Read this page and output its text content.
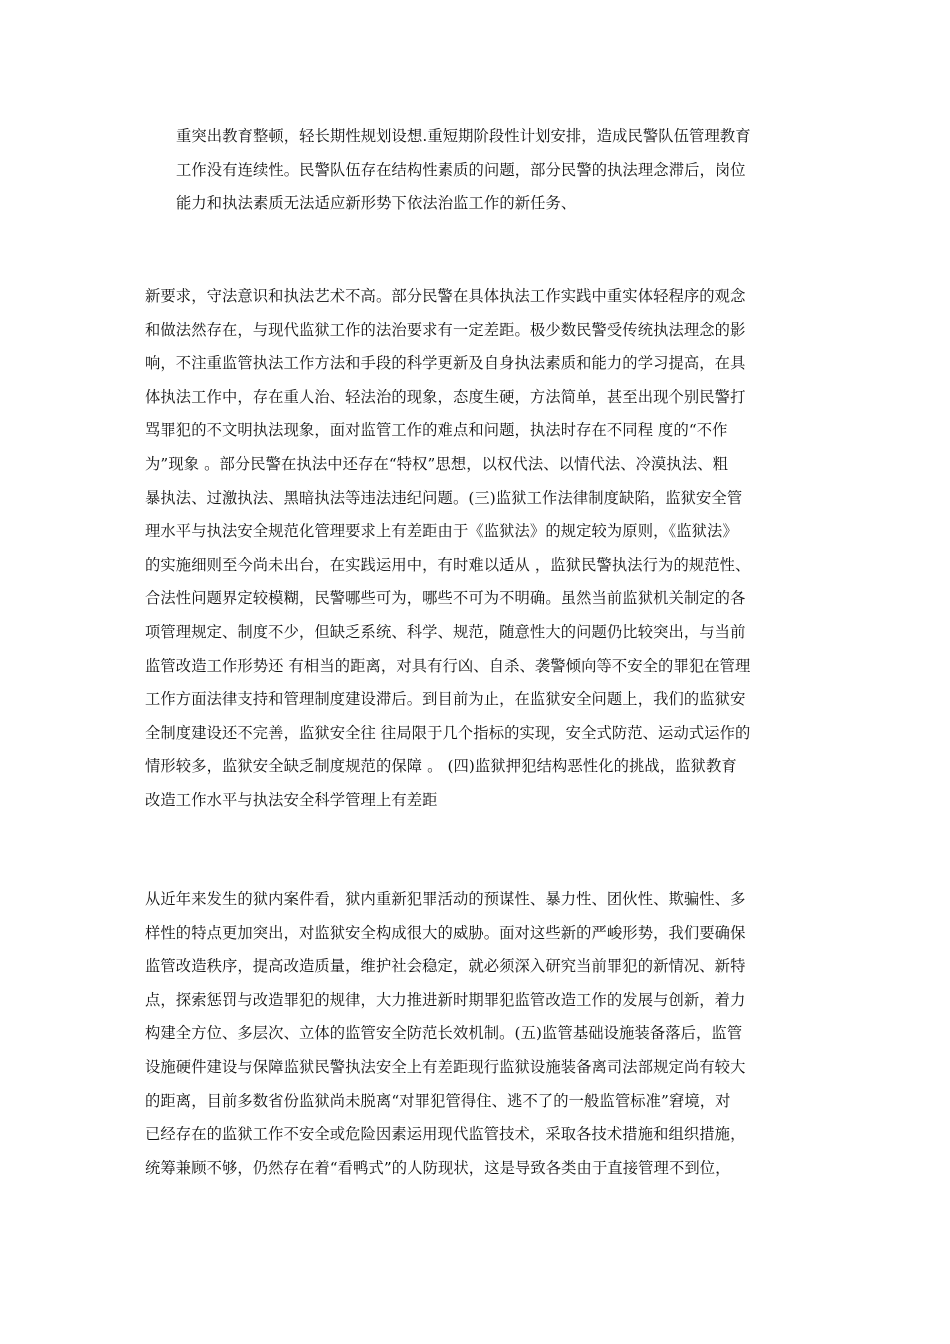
重突出教育整顿，轻长期性规划设想.重短期阶段性计划安排，造成民警队伍管理教育
工作没有连续性。民警队伍存在结构性素质的问题，部分民警的执法理念滞后，岗位
能力和执法素质无法适应新形势下依法治监工作的新任务、

新要求，守法意识和执法艺术不高。部分民警在具体执法工作实践中重实体轻程序的观念
和做法然存在，与现代监狱工作的法治要求有一定差距。极少数民警受传统执法理念的影
响，不注重监管执法工作方法和手段的科学更新及自身执法素质和能力的学习提高，在具
体执法工作中，存在重人治、轻法治的现象，态度生硬，方法简单，甚至出现个别民警打
骂罪犯的不文明执法现象，面对监管工作的难点和问题，执法时存在不同程 度的“不作
为”现象 。部分民警在执法中还存在“特权”思想，以权代法、以情代法、冷漠执法、粗
暴执法、过激执法、黑暗执法等违法违纪问题。(三)监狱工作法律制度缺陷，监狱安全管
理水平与执法安全规范化管理要求上有差距由于《监狱法》的规定较为原则，《监狱法》
的实施细则至今尚未出台，在实践运用中，有时难以适从 ，监狱民警执法行为的规范性、
合法性问题界定较模糊，民警哪些可为，哪些不可为不明确。虽然当前监狱机关制定的各
项管理规定、制度不少，但缺乏系统、科学、规范，随意性大的问题仍比较突出，与当前
监管改造工作形势还 有相当的距离，对具有行凶、自杀、袭警倾向等不安全的罪犯在管理
工作方面法律支持和管理制度建设滞后。到目前为止，在监狱安全问题上，我们的监狱安
全制度建设还不完善，监狱安全往 往局限于几个指标的实现，安全式防范、运动式运作的
情形较多，监狱安全缺乏制度规范的保障 。 (四)监狱押犯结构恶性化的挑战，监狱教育
改造工作水平与执法安全科学管理上有差距

从近年来发生的狱内案件看，狱内重新犯罪活动的预谋性、暴力性、团伙性、欺骗性、多
样性的特点更加突出，对监狱安全构成很大的威胁。面对这些新的严峻形势，我们要确保
监管改造秩序，提高改造质量，维护社会稳定，就必须深入研究当前罪犯的新情况、新特
点，探索惩罚与改造罪犯的规律，大力推进新时期罪犯监管改造工作的发展与创新，着力
构建全方位、多层次、立体的监管安全防范长效机制。(五)监管基础设施装备落后，监管
设施硬件建设与保障监狱民警执法安全上有差距现行监狱设施装备离司法部规定尚有较大
的距离，目前多数省份监狱尚未脱离“对罪犯管得住、逃不了的一般监管标准”窘境，对
已经存在的监狱工作不安全或危险因素运用现代监管技术，采取各技术措施和组织措施，
统筹兼顾不够，仍然存在着“看鸭式”的人防现状，这是导致各类由于直接管理不到位，
